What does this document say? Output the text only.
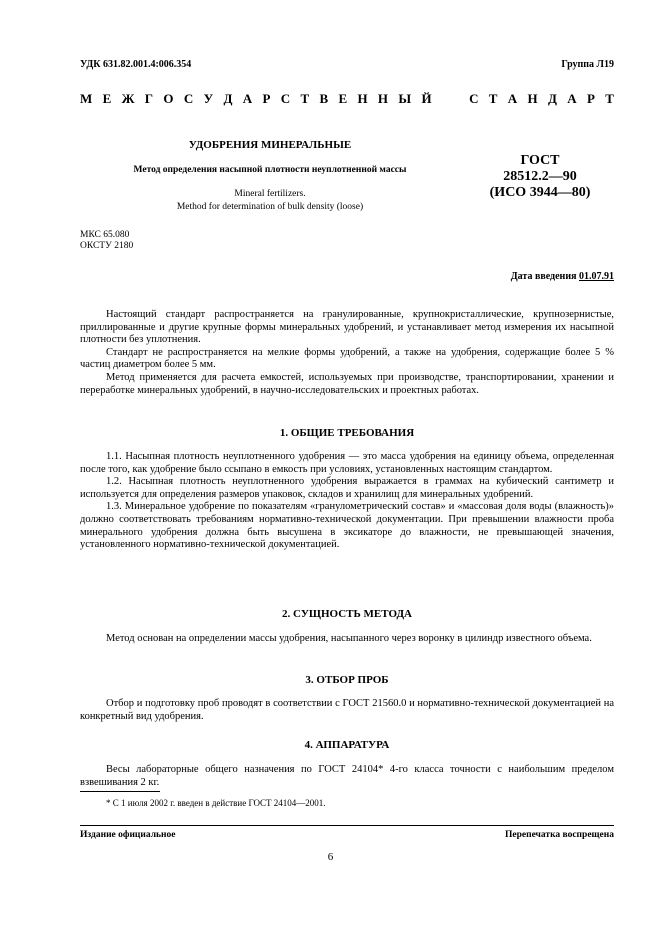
УДК 631.82.001.4:006.354	Группа Л19
М Е Ж Г О С У Д А Р С Т В Е Н Н Ы Й

	С Т А Н Д А Р Т
УДОБРЕНИЯ МИНЕРАЛЬНЫЕ
Метод определения насыпной плотности неуплотненной массы
Mineral fertilizers.
Method for determination of bulk density (loose)
ГОСТ
28512.2—90
(ИСО 3944—80)
МКС 65.080
ОКСТУ 2180
Дата введения 01.07.91

Настоящий стандарт распространяется на гранулированные, крупнокристаллические, крупнозернистые, приллированные и другие крупные формы минеральных удобрений, и устанавливает метод измерения их насыпной плотности без уплотнения.

Стандарт не распространяется на мелкие формы удобрений, а также на удобрения, содержащие более 5 % частиц диаметром более 5 мм.

Метод применяется для расчета емкостей, используемых при производстве, транспортировании, хранении и переработке минеральных удобрений, в научно-исследовательских и проектных работах.

1. ОБЩИЕ ТРЕБОВАНИЯ

1.1. Насыпная плотность неуплотненного удобрения — это масса удобрения на единицу объема, определенная после того, как удобрение было ссыпано в емкость при условиях, установленных настоящим стандартом.

1.2. Насыпная плотность неуплотненного удобрения выражается в граммах на кубический сантиметр и используется для определения размеров упаковок, складов и хранилищ для минеральных удобрений.

1.3. Минеральное удобрение по показателям «гранулометрический состав» и «массовая доля воды (влажность)» должно соответствовать требованиям нормативно-технической документации. При превышении влажности проба минерального удобрения должна быть высушена в эксикаторе до влажности, не превышающей значения, установленного нормативно-технической документацией.

2. СУЩНОСТЬ МЕТОДА

Метод основан на определении массы удобрения, насыпанного через воронку в цилиндр известного объема.

3. ОТБОР ПРОБ

Отбор и подготовку проб проводят в соответствии с ГОСТ 21560.0 и нормативно-технической документацией на конкретный вид удобрения.

4. АППАРАТУРА

Весы лабораторные общего назначения по ГОСТ 24104* 4-го класса точности с наибольшим пределом взвешивания 2 кг.

* С 1 июля 2002 г. введен в действие ГОСТ 24104—2001.
Издание официальное	Перепечатка воспрещена
6
